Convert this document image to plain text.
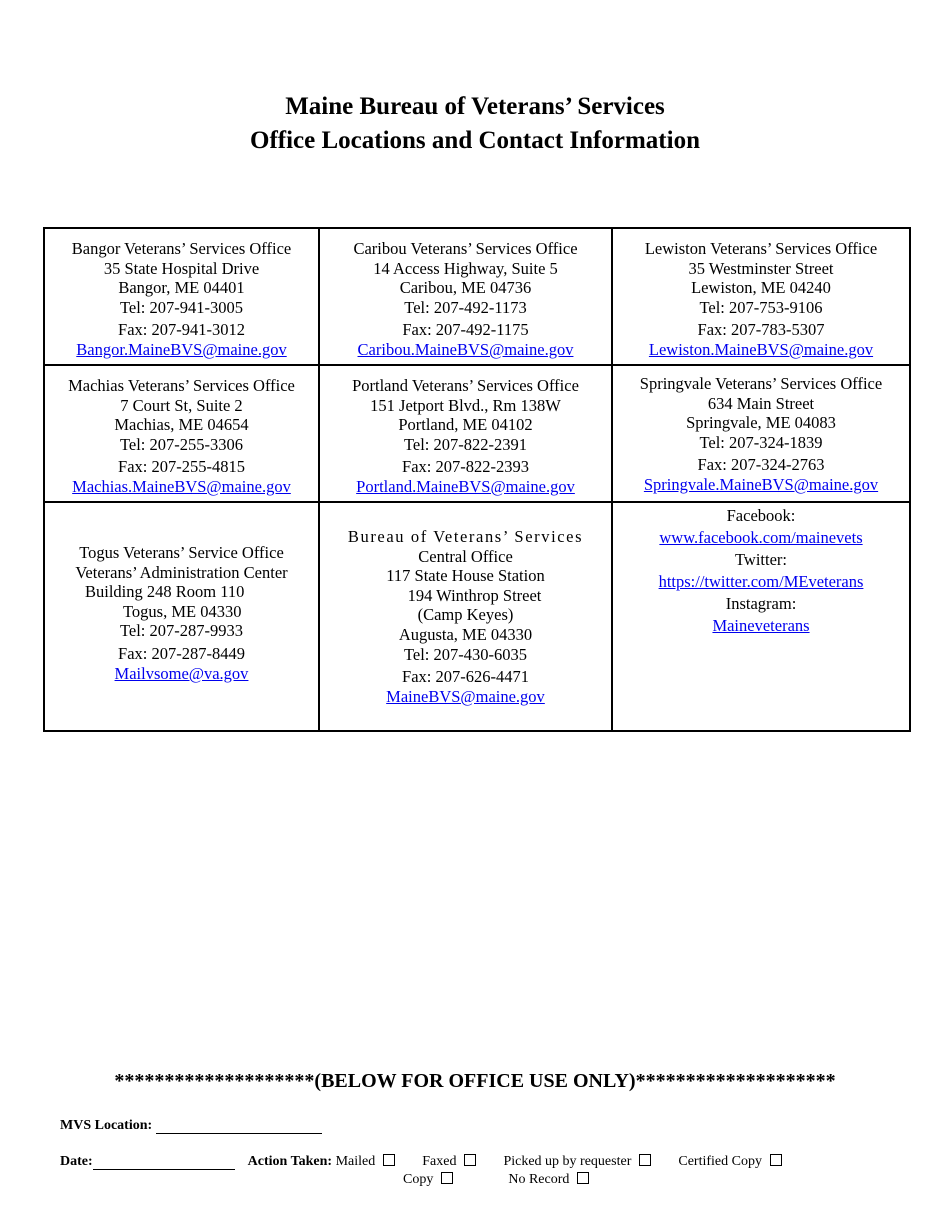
Maine Bureau of Veterans’ Services
Office Locations and Contact Information
Bangor Veterans’ Services Office
35 State Hospital Drive
Bangor, ME 04401
Tel: 207-941-3005
Fax: 207-941-3012
Bangor.MaineBVS@maine.gov
Caribou Veterans’ Services Office
14 Access Highway, Suite 5
Caribou, ME 04736
Tel: 207-492-1173
Fax: 207-492-1175
Caribou.MaineBVS@maine.gov
Lewiston Veterans’ Services Office
35 Westminster Street
Lewiston, ME 04240
Tel: 207-753-9106
Fax: 207-783-5307
Lewiston.MaineBVS@maine.gov
Machias Veterans’ Services Office
7 Court St, Suite 2
Machias, ME 04654
Tel: 207-255-3306
Fax: 207-255-4815
Machias.MaineBVS@maine.gov
Portland Veterans’ Services Office
151 Jetport Blvd., Rm 138W
Portland, ME 04102
Tel: 207-822-2391
Fax: 207-822-2393
Portland.MaineBVS@maine.gov
Springvale Veterans’ Services Office
634 Main Street
Springvale, ME 04083
Tel: 207-324-1839
Fax: 207-324-2763
Springvale.MaineBVS@maine.gov
Togus Veterans’ Service Office
Veterans’ Administration Center
Building 248 Room 110
Togus, ME 04330
Tel: 207-287-9933
Fax: 207-287-8449
Mailvsome@va.gov
Bureau of Veterans’ Services
Central Office
117 State House Station
194 Winthrop Street
(Camp Keyes)
Augusta, ME 04330
Tel: 207-430-6035
Fax: 207-626-4471
MaineBVS@maine.gov
Facebook:
www.facebook.com/mainevets
Twitter:
https://twitter.com/MEveterans
Instagram:
Maineveterans
********************(BELOW FOR OFFICE USE ONLY)********************
MVS Location:
Date:	Action Taken: Mailed	Faxed	Picked up by requester	Certified Copy
Copy	No Record
